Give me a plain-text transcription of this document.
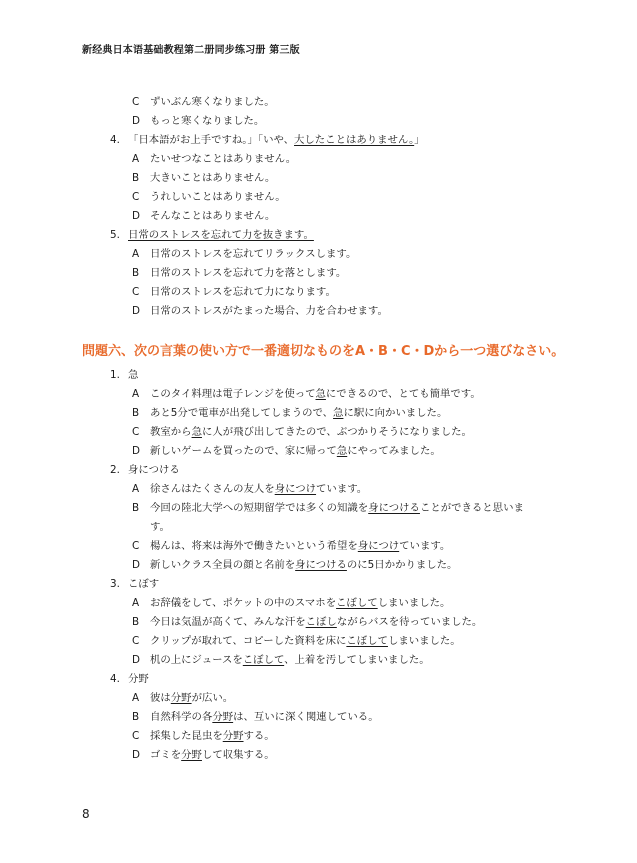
新经典日本语基础教程第二册同步练习册 第三版
C ずいぶん寒くなりました。
D もっと寒くなりました。
4. 「日本語がお上手ですね。」「いや、大したことはありません。」
A たいせつなことはありません。
B 大きいことはありません。
C うれしいことはありません。
D そんなことはありません。
5. 日常のストレスを忘れて力を抜きます。
A 日常のストレスを忘れてリラックスします。
B 日常のストレスを忘れて力を落とします。
C 日常のストレスを忘れて力になります。
D 日常のストレスがたまった場合、力を合わせます。
問題六、次の言葉の使い方で一番適切なものをA・B・C・Dから一つ選びなさい。
1. 急
A このタイ料理は電子レンジを使って急にできるので、とても簡単です。
B あと5分で電車が出発してしまうので、急に駅に向かいました。
C 教室から急に人が飛び出してきたので、ぶつかりそうになりました。
D 新しいゲームを買ったので、家に帰って急にやってみました。
2. 身につける
A 徐さんはたくさんの友人を身につけています。
B 今回の陸北大学への短期留学では多くの知識を身につけることができると思いま
す。
C 楊んは、将来は海外で働きたいという希望を身につけています。
D 新しいクラス全員の顔と名前を身につけるのに5日かかりました。
3. こぼす
A お辞儀をして、ポケットの中のスマホをこぼしてしまいました。
B 今日は気温が高くて、みんな汗をこぼしながらバスを待っていました。
C クリップが取れて、コピーした資料を床にこぼしてしまいました。
D 机の上にジュースをこぼして、上着を汚してしまいました。
4. 分野
A 彼は分野が広い。
B 自然科学の各分野は、互いに深く関連している。
C 採集した昆虫を分野する。
D ゴミを分野して収集する。
8
